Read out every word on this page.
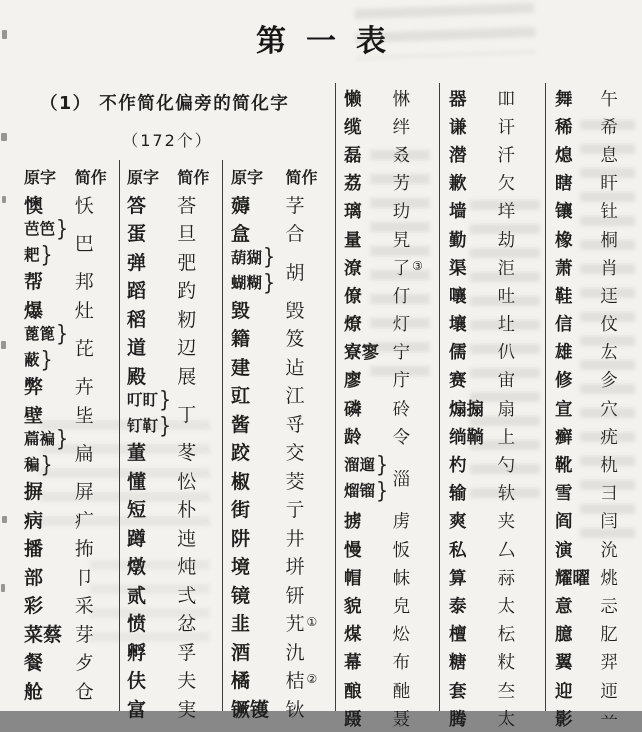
第一表
（1） 不作简化偏旁的简化字
（172个）
原字	简作
懊	㤇
芭笆 }
耙 } 巴
帮	邦
爆	灶
蓖篦 }
蔽 } 芘
弊	卉
壁	坒
萹褊 }
稨 } 扁
摒	屏
病	疒
播	抪
部	卩
彩	采
菜蔡 芽
餐	歺
舱	仓
原字	简作
答	荅
蛋	旦
弹	弝
蹈	趵
稻	籾
道	辺
殿	展
叮盯 }
钉靪 } 丁
董	苳
懂	忪
短	朴
蹲	迍
燉	炖
贰	弍
愤	忿
孵	孚
伕	夫
富	実
原字	简作
薅	芓
盒	合
葫猢 }
蝴糊 } 胡
毀	毁
籍	笈
建	迠
豇	江
酱	寽
跤	交
椒	茭
街	亍
阱	井
境	垪
镜	钘
韭	艽 ①
酒	氿
橘	桔 ②
镢镬 钬
懒	惏
缆	绊
磊	叒
荔	艻
璃	玏
量	旯
潦	了 ③
僚	仃
燎	灯
寮寥 宁
廖	庁
磷	砱
龄	令
溜遛 }
熘镏 } 淄
掳	虏
慢	㤆
帽	帓
貌	皃
煤	炂
幕	布
酿	酏
蹑	聂
器	吅
谦	讦
潜	汘
歉	欠
墙	垟
勤	劫
渠	洰
嚷	吐
壤	圵
儒	仈
赛	宙
煽搧 扇
绱鞝 上
杓	勺
输	轪
爽	夹
私	厶
算	祘
泰	太
檀	枟
糖	粀
套	夳
腾	太
舞	午
稀	希
熄	息
瞎	盰
镶	钍
橡	桐
萧	肖
鞋	迋
信	伩
雄	厷
修	㐱
宣	穴
癣	疣
靴	朹
雪	彐
阎	闫
演	沇
耀曜 烑
意	忈
臆	肊
翼	羿
迎	迊
影	䒑
